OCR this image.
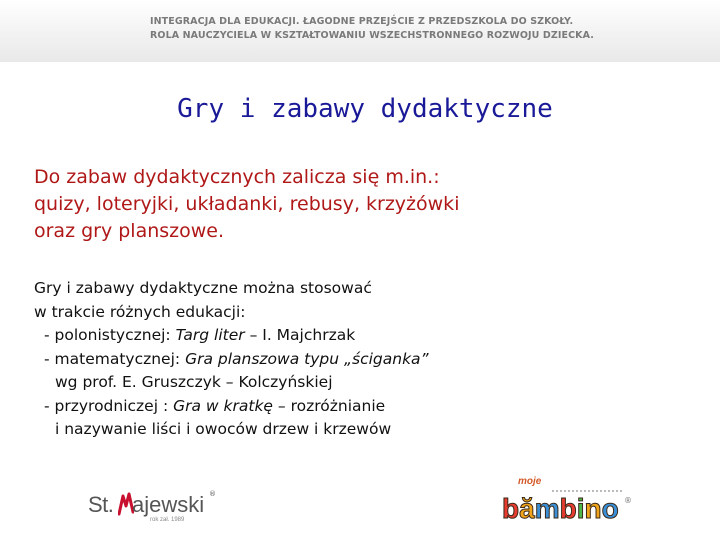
INTEGRACJA DLA EDUKACJI. ŁAGODNE PRZEJŚCIE Z PRZEDSZKOLA DO SZKOŁY.
ROLA NAUCZYCIELA W KSZTAŁTOWANIU WSZECHSTRONNEGO ROZWOJU DZIECKA.
Gry i zabawy dydaktyczne
Do zabaw dydaktycznych zalicza się m.in.:
quizy, loteryjki, układanki, rebusy, krzyżówki
oraz gry planszowe.
Gry i zabawy dydaktyczne można stosować
w trakcie różnych edukacji:
- polonistycznej: Targ liter – I. Majchrzak
- matematycznej: Gra planszowa typu „ściganka”
wg prof. E. Gruszczyk – Kolczyńskiej
- przyrodniczej : Gra w kratkę – rozróżnianie
i nazywanie liści i owoców drzew i krzewów
St. ajewski ®
rok zał. 1989
moje
bămbino ®
